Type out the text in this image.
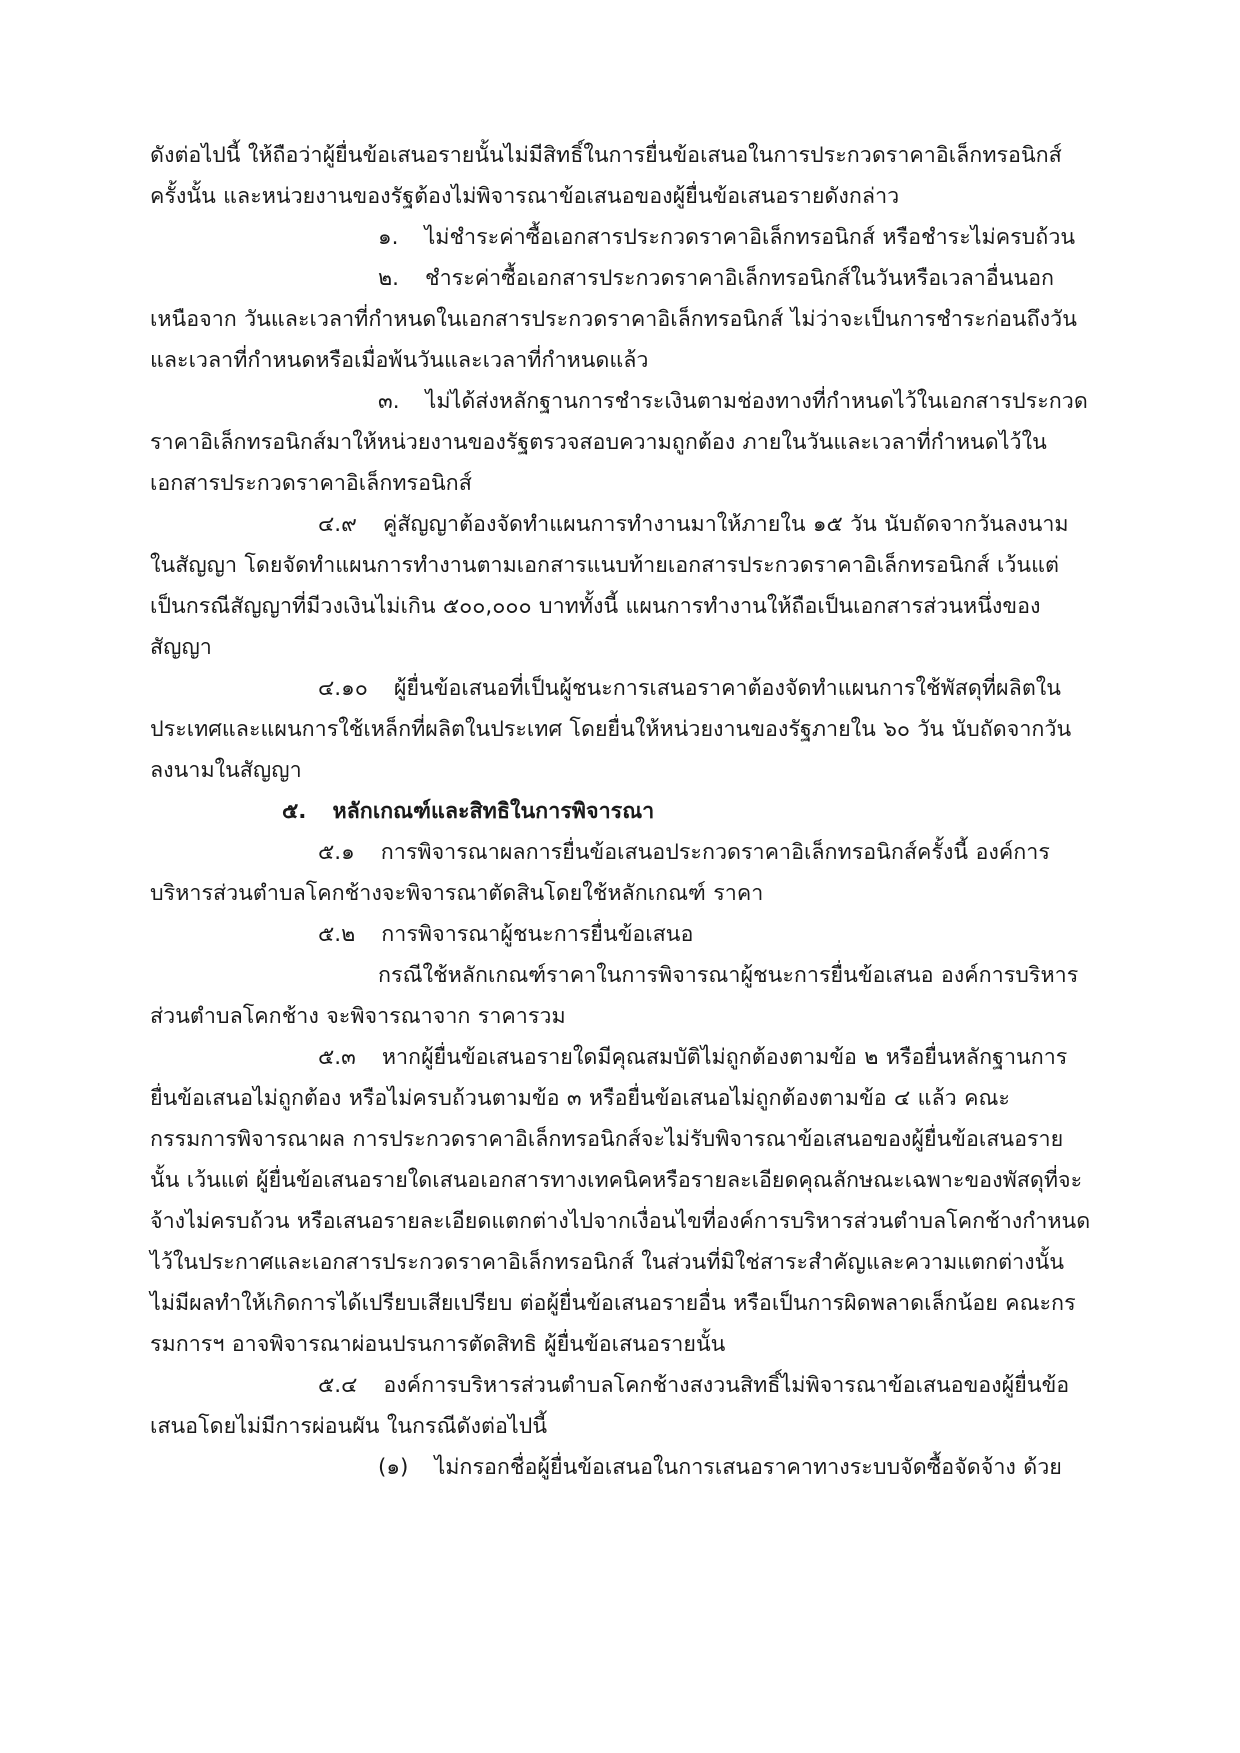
ดังต่อไปนี้ ให้ถือว่าผู้ยื่นข้อเสนอรายนั้นไม่มีสิทธิ์ในการยื่นข้อเสนอในการประกวดราคาอิเล็กทรอนิกส์ครั้งนั้น และหน่วยงานของรัฐต้องไม่พิจารณาข้อเสนอของผู้ยื่นข้อเสนอรายดังกล่าว

๑. ไม่ชำระค่าซื้อเอกสารประกวดราคาอิเล็กทรอนิกส์ หรือชำระไม่ครบถ้วน

๒. ชำระค่าซื้อเอกสารประกวดราคาอิเล็กทรอนิกส์ในวันหรือเวลาอื่นนอกเหนือจาก วันและเวลาที่กำหนดในเอกสารประกวดราคาอิเล็กทรอนิกส์ ไม่ว่าจะเป็นการชำระก่อนถึงวันและเวลาที่กำหนดหรือเมื่อพ้นวันและเวลาที่กำหนดแล้ว

๓. ไม่ได้ส่งหลักฐานการชำระเงินตามช่องทางที่กำหนดไว้ในเอกสารประกวดราคาอิเล็กทรอนิกส์มาให้หน่วยงานของรัฐตรวจสอบความถูกต้อง ภายในวันและเวลาที่กำหนดไว้ในเอกสารประกวดราคาอิเล็กทรอนิกส์

๔.๙ คู่สัญญาต้องจัดทำแผนการทำงานมาให้ภายใน ๑๕ วัน นับถัดจากวันลงนามในสัญญา โดยจัดทำแผนการทำงานตามเอกสารแนบท้ายเอกสารประกวดราคาอิเล็กทรอนิกส์ เว้นแต่เป็นกรณีสัญญาที่มีวงเงินไม่เกิน ๕๐๐,๐๐๐ บาททั้งนี้ แผนการทำงานให้ถือเป็นเอกสารส่วนหนึ่งของสัญญา

๔.๑๐ ผู้ยื่นข้อเสนอที่เป็นผู้ชนะการเสนอราคาต้องจัดทำแผนการใช้พัสดุที่ผลิตในประเทศและแผนการใช้เหล็กที่ผลิตในประเทศ โดยยื่นให้หน่วยงานของรัฐภายใน ๖๐ วัน นับถัดจากวันลงนามในสัญญา

๕. หลักเกณฑ์และสิทธิในการพิจารณา

๕.๑ การพิจารณาผลการยื่นข้อเสนอประกวดราคาอิเล็กทรอนิกส์ครั้งนี้ องค์การบริหารส่วนตำบลโคกช้างจะพิจารณาตัดสินโดยใช้หลักเกณฑ์ ราคา

๕.๒ การพิจารณาผู้ชนะการยื่นข้อเสนอ

กรณีใช้หลักเกณฑ์ราคาในการพิจารณาผู้ชนะการยื่นข้อเสนอ องค์การบริหารส่วนตำบลโคกช้าง จะพิจารณาจาก ราคารวม

๕.๓ หากผู้ยื่นข้อเสนอรายใดมีคุณสมบัติไม่ถูกต้องตามข้อ ๒ หรือยื่นหลักฐานการยื่นข้อเสนอไม่ถูกต้อง หรือไม่ครบถ้วนตามข้อ ๓ หรือยื่นข้อเสนอไม่ถูกต้องตามข้อ ๔ แล้ว คณะกรรมการพิจารณาผล การประกวดราคาอิเล็กทรอนิกส์จะไม่รับพิจารณาข้อเสนอของผู้ยื่นข้อเสนอรายนั้น เว้นแต่ ผู้ยื่นข้อเสนอรายใดเสนอเอกสารทางเทคนิคหรือรายละเอียดคุณลักษณะเฉพาะของพัสดุที่จะจ้างไม่ครบถ้วน หรือเสนอรายละเอียดแตกต่างไปจากเงื่อนไขที่องค์การบริหารส่วนตำบลโคกช้างกำหนดไว้ในประกาศและเอกสารประกวดราคาอิเล็กทรอนิกส์ ในส่วนที่มิใช่สาระสำคัญและความแตกต่างนั้น ไม่มีผลทำให้เกิดการได้เปรียบเสียเปรียบ ต่อผู้ยื่นข้อเสนอรายอื่น หรือเป็นการผิดพลาดเล็กน้อย คณะกรรมการฯ อาจพิจารณาผ่อนปรนการตัดสิทธิ ผู้ยื่นข้อเสนอรายนั้น

๕.๔ องค์การบริหารส่วนตำบลโคกช้างสงวนสิทธิ์ไม่พิจารณาข้อเสนอของผู้ยื่นข้อเสนอโดยไม่มีการผ่อนผัน ในกรณีดังต่อไปนี้

(๑) ไม่กรอกชื่อผู้ยื่นข้อเสนอในการเสนอราคาทางระบบจัดซื้อจัดจ้าง ด้วย
